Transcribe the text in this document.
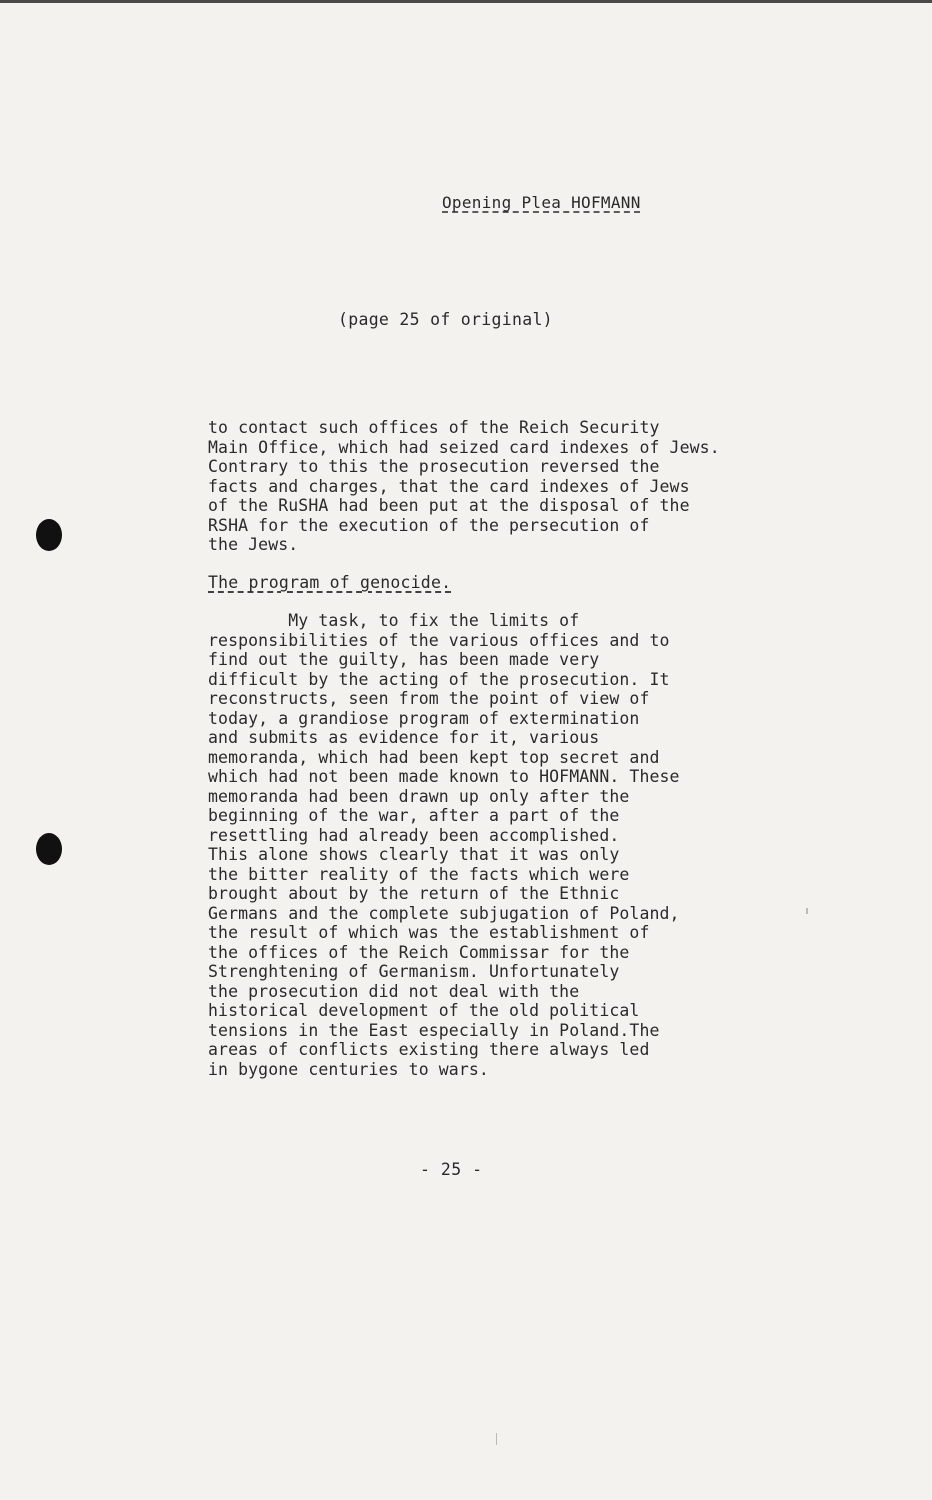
Opening Plea HOFMANN
(page 25 of original)
to contact such offices of the Reich Security
Main Office, which had seized card indexes of Jews.
Contrary to this the prosecution reversed the
facts and charges, that the card indexes of Jews
of the RuSHA had been put at the disposal of the
RSHA for the execution of the persecution of
the Jews.
The program of genocide.
My task, to fix the limits of
responsibilities of the various offices and to
find out the guilty, has been made very
difficult by the acting of the prosecution. It
reconstructs, seen from the point of view of
today, a grandiose program of extermination
and submits as evidence for it, various
memoranda, which had been kept top secret and
which had not been made known to HOFMANN. These
memoranda had been drawn up only after the
beginning of the war, after a part of the
resettling had already been accomplished.
This alone shows clearly that it was only
the bitter reality of the facts which were
brought about by the return of the Ethnic
Germans and the complete subjugation of Poland,
the result of which was the establishment of
the offices of the Reich Commissar for the
Strenghtening of Germanism. Unfortunately
the prosecution did not deal with the
historical development of the old political
tensions in the East especially in Poland.The
areas of conflicts existing there always led
in bygone centuries to wars.
- 25 -
